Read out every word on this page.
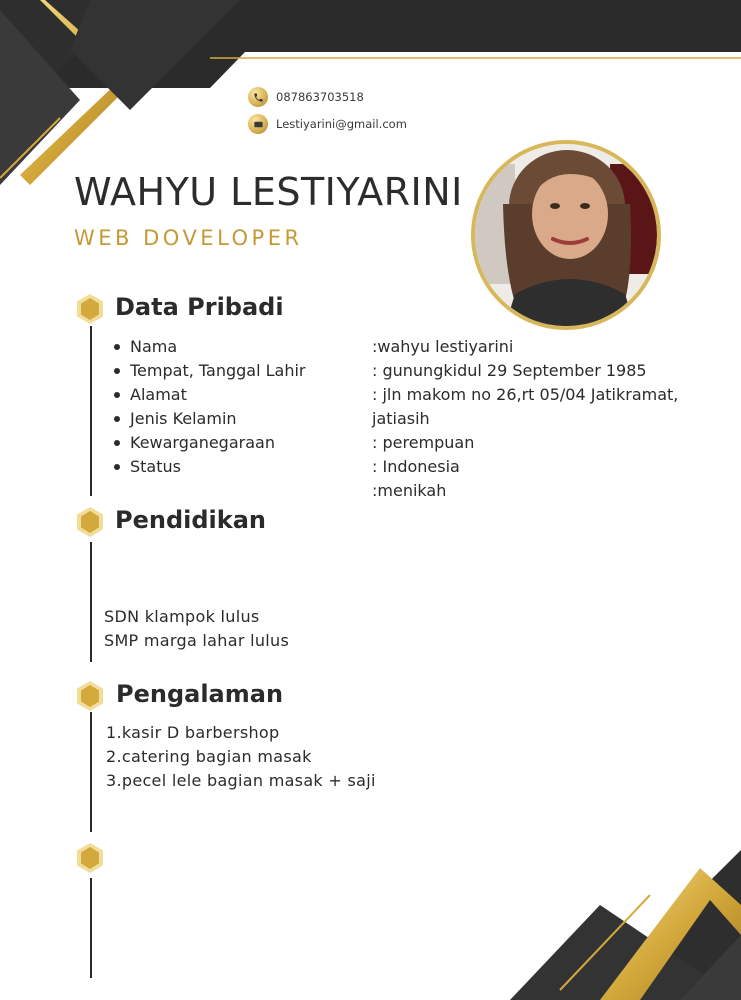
087863703518
Lestiyarini@gmail.com
WAHYU LESTIYARINI
WEB DOVELOPER
Data Pribadi
Nama
Tempat, Tanggal Lahir
Alamat
Jenis Kelamin
Kewarganegaraan
Status
:wahyu lestiyarini
: gunungkidul 29 September 1985
: jln makom no 26,rt 05/04 Jatikramat,
jatiasih
: perempuan
: Indonesia
:menikah
Pendidikan
SDN klampok lulus
SMP marga lahar lulus
Pengalaman
1.kasir D barbershop
2.catering bagian masak
3.pecel lele bagian masak + saji
